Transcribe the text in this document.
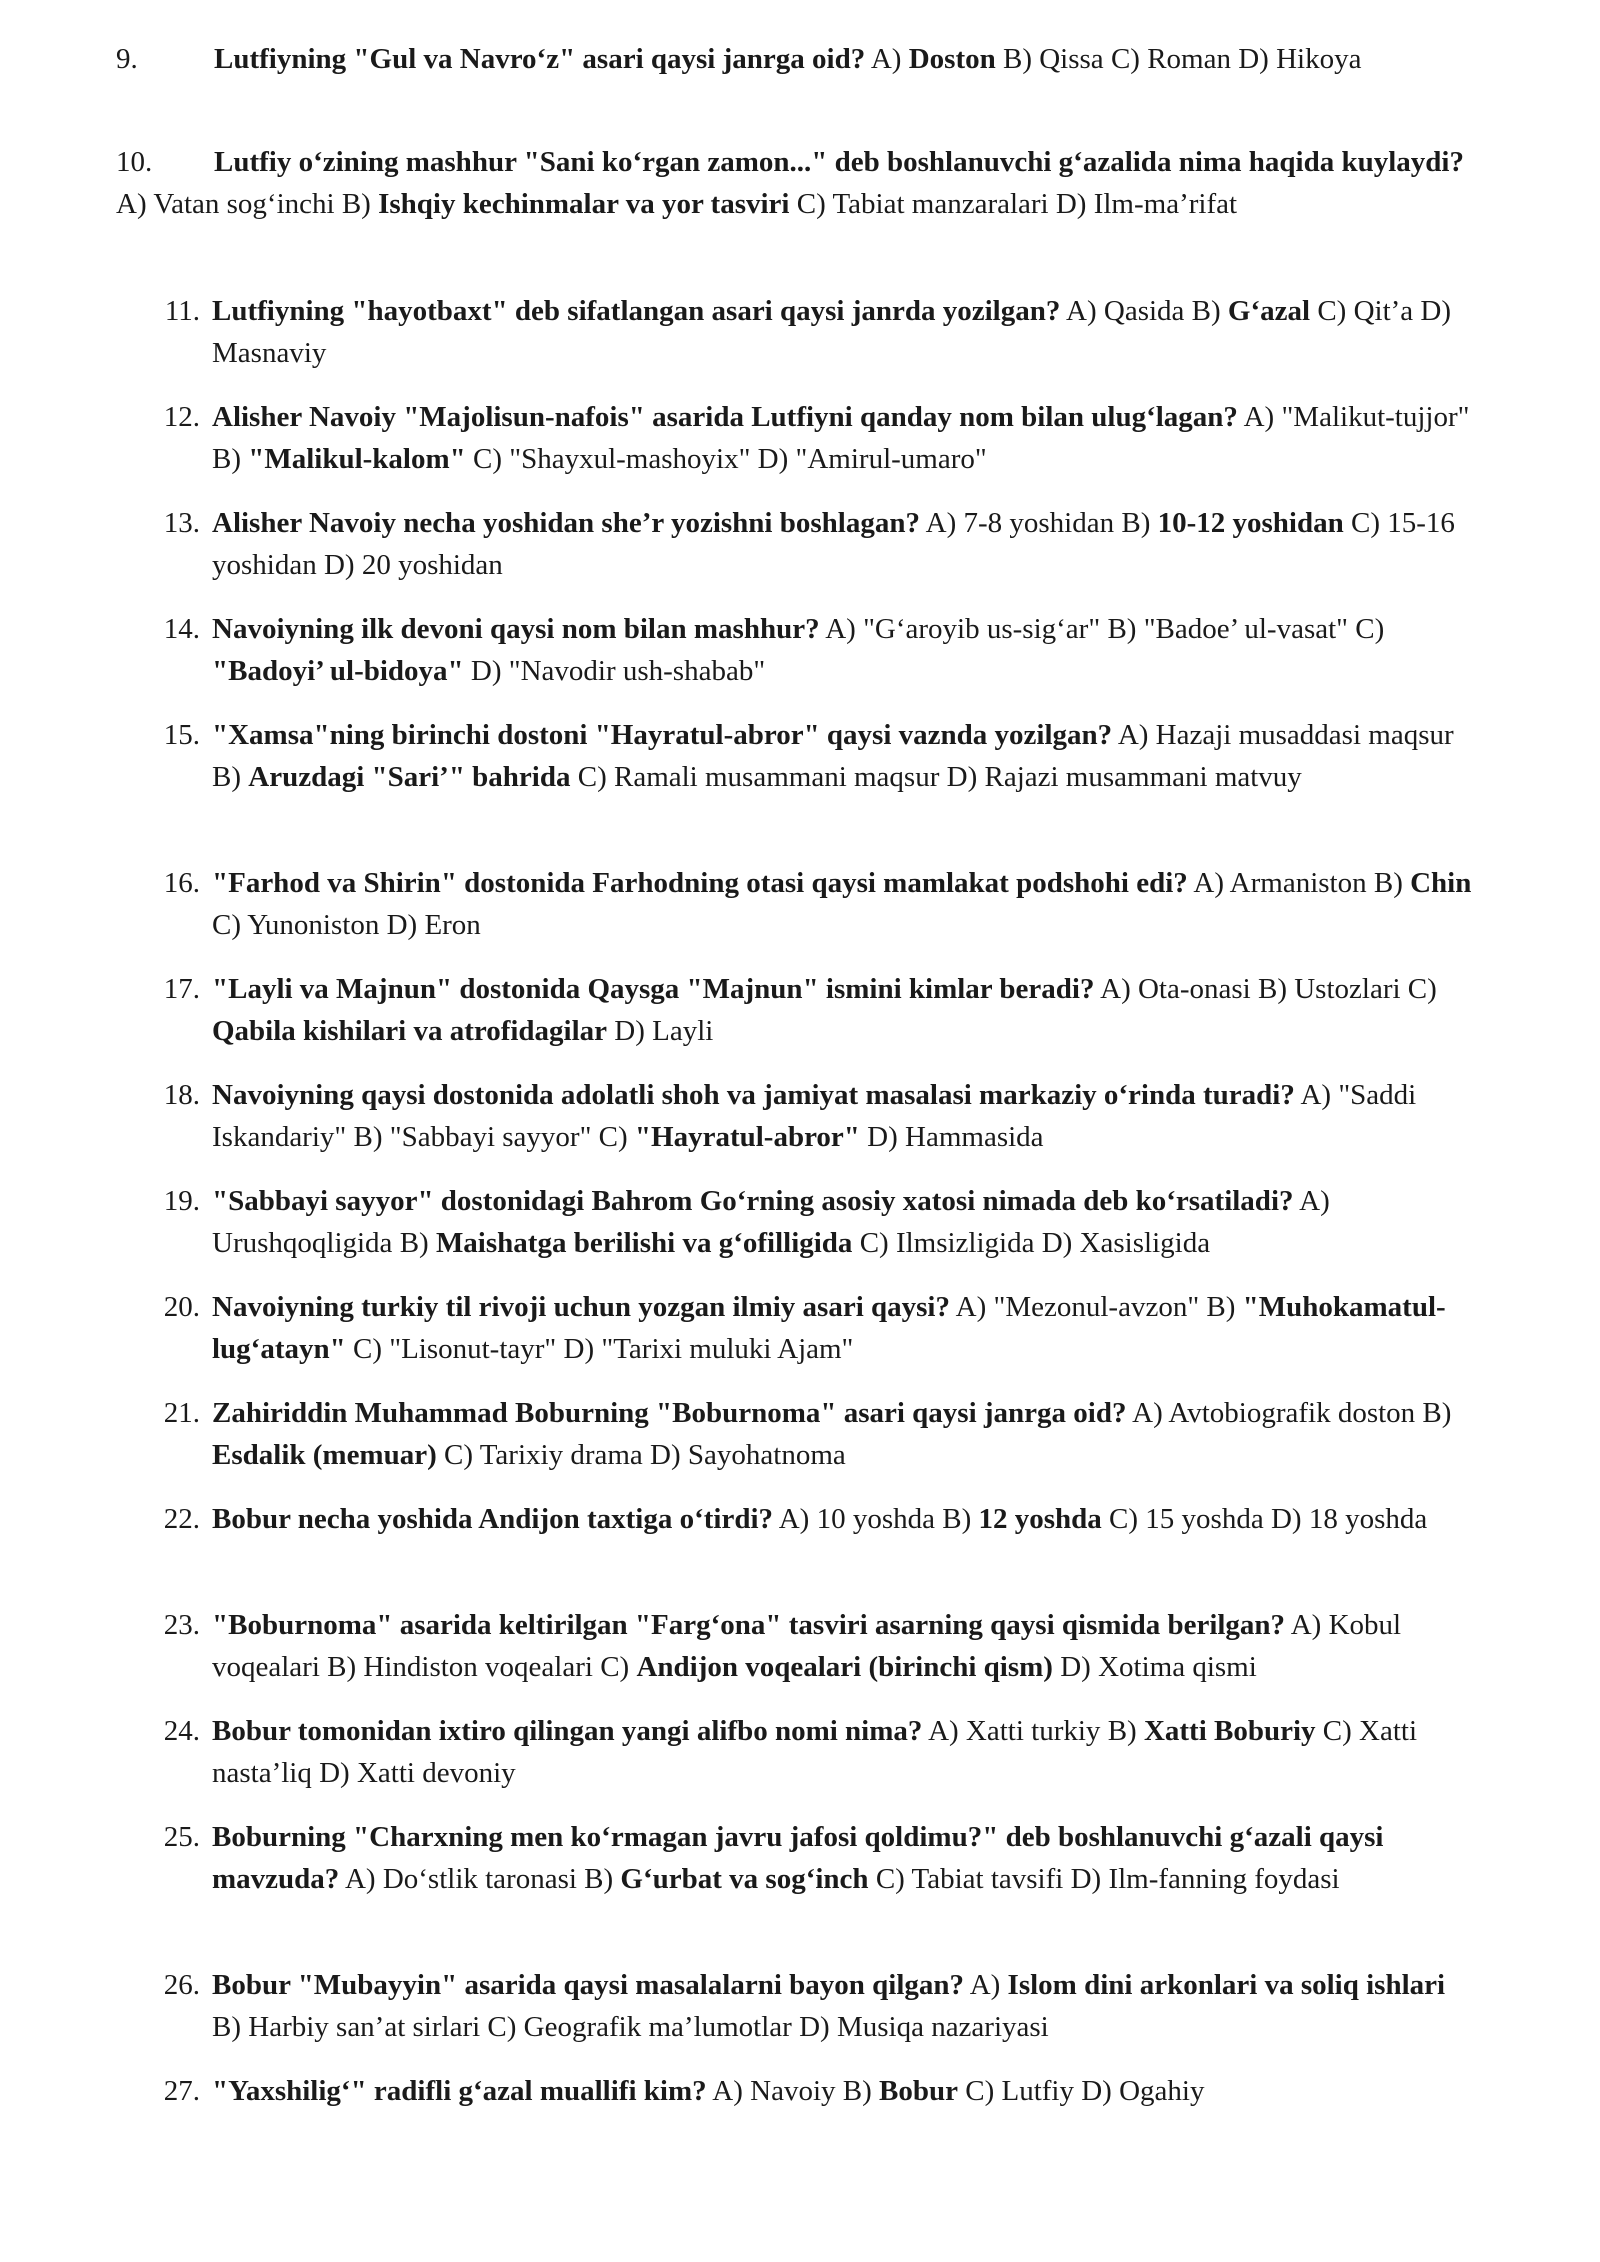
9.	Lutfiyning "Gul va Navro‘z" asari qaysi janrga oid? A) Doston B) Qissa C) Roman D) Hikoya

10. Lutfiy o‘zining mashhur "Sani ko‘rgan zamon..." deb boshlanuvchi g‘azalida nima haqida kuylaydi? A) Vatan sog‘inchi B) Ishqiy kechinmalar va yor tasviri C) Tabiat manzaralari D) Ilm-ma’rifat

11. Lutfiyning "hayotbaxt" deb sifatlangan asari qaysi janrda yozilgan? A) Qasida B) G‘azal C) Qit’a D) Masnaviy

12. Alisher Navoiy "Majolisun-nafois" asarida Lutfiyni qanday nom bilan ulug‘lagan? A) "Malikut-tujjor" B) "Malikul-kalom" C) "Shayxul-mashoyix" D) "Amirul-umaro"

13. Alisher Navoiy necha yoshidan she’r yozishni boshlagan? A) 7-8 yoshidan B) 10-12 yoshidan C) 15-16 yoshidan D) 20 yoshidan

14. Navoiyning ilk devoni qaysi nom bilan mashhur? A) "G‘aroyib us-sig‘ar" B) "Badoe’ ul-vasat" C) "Badoyi’ ul-bidoya" D) "Navodir ush-shabab"

15. "Xamsa"ning birinchi dostoni "Hayratul-abror" qaysi vaznda yozilgan? A) Hazaji musaddasi maqsur B) Aruzdagi "Sari’" bahrida C) Ramali musammani maqsur D) Rajazi musammani matvuy

16. "Farhod va Shirin" dostonida Farhodning otasi qaysi mamlakat podshohi edi? A) Armaniston B) Chin C) Yunoniston D) Eron

17. "Layli va Majnun" dostonida Qaysga "Majnun" ismini kimlar beradi? A) Ota-onasi B) Ustozlari C) Qabila kishilari va atrofidagilar D) Layli

18. Navoiyning qaysi dostonida adolatli shoh va jamiyat masalasi markaziy o‘rinda turadi? A) "Saddi Iskandariy" B) "Sabbayi sayyor" C) "Hayratul-abror" D) Hammasida

19. "Sabbayi sayyor" dostonidagi Bahrom Go‘rning asosiy xatosi nimada deb ko‘rsatiladi? A) Urushqoqligida B) Maishatga berilishi va g‘ofilligida C) Ilmsizligida D) Xasisligida

20. Navoiyning turkiy til rivoji uchun yozgan ilmiy asari qaysi? A) "Mezonul-avzon" B) "Muhokamatul-lug‘atayn" C) "Lisonut-tayr" D) "Tarixi muluki Ajam"

21. Zahiriddin Muhammad Boburning "Boburnoma" asari qaysi janrga oid? A) Avtobiografik doston B) Esdalik (memuar) C) Tarixiy drama D) Sayohatnoma

22. Bobur necha yoshida Andijon taxtiga o‘tirdi? A) 10 yoshda B) 12 yoshda C) 15 yoshda D) 18 yoshda

23. "Boburnoma" asarida keltirilgan "Farg‘ona" tasviri asarning qaysi qismida berilgan? A) Kobul voqealari B) Hindiston voqealari C) Andijon voqealari (birinchi qism) D) Xotima qismi

24. Bobur tomonidan ixtiro qilingan yangi alifbo nomi nima? A) Xatti turkiy B) Xatti Boburiy C) Xatti nasta’liq D) Xatti devoniy

25. Boburning "Charxning men ko‘rmagan javru jafosi qoldimu?" deb boshlanuvchi g‘azali qaysi mavzuda? A) Do‘stlik taronasi B) G‘urbat va sog‘inch C) Tabiat tavsifi D) Ilm-fanning foydasi

26. Bobur "Mubayyin" asarida qaysi masalalarni bayon qilgan? A) Islom dini arkonlari va soliq ishlari B) Harbiy san’at sirlari C) Geografik ma’lumotlar D) Musiqa nazariyasi

27. "Yaxshilig‘" radifli g‘azal muallifi kim? A) Navoiy B) Bobur C) Lutfiy D) Ogahiy
